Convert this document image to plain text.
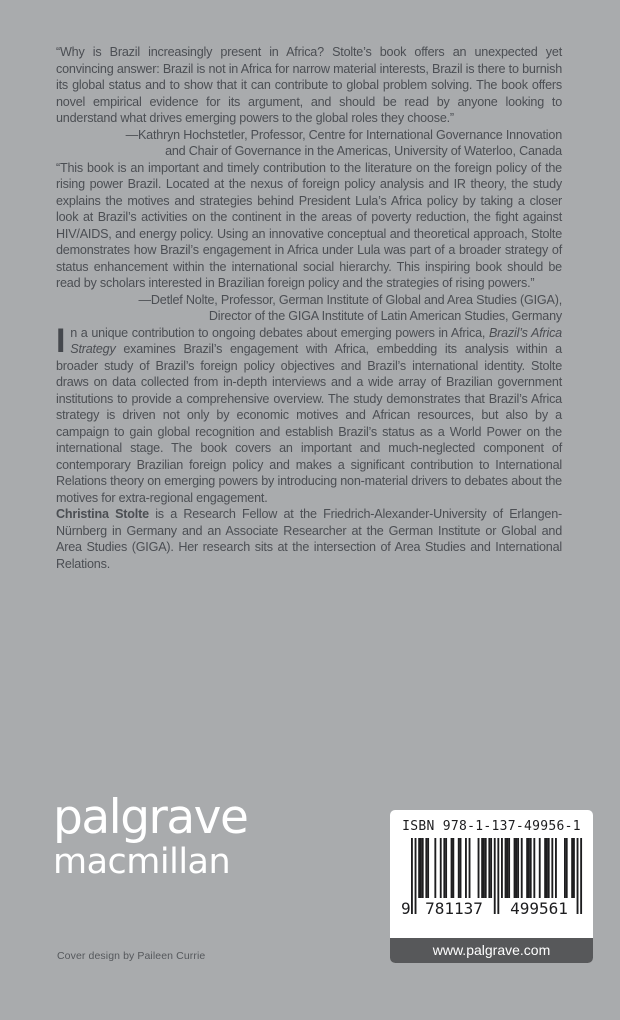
“Why is Brazil increasingly present in Africa? Stolte’s book offers an unexpected yet convincing answer: Brazil is not in Africa for narrow material interests, Brazil is there to burnish its global status and to show that it can contribute to global problem solving. The book offers novel empirical evidence for its argument, and should be read by anyone looking to understand what drives emerging powers to the global roles they choose.”

—Kathryn Hochstetler, Professor, Centre for International Governance Innovation
and Chair of Governance in the Americas, University of Waterloo, Canada

“This book is an important and timely contribution to the literature on the foreign policy of the rising power Brazil. Located at the nexus of foreign policy analysis and IR theory, the study explains the motives and strategies behind President Lula’s Africa policy by taking a closer look at Brazil’s activities on the continent in the areas of poverty reduction, the fight against HIV/AIDS, and energy policy. Using an innovative conceptual and theoretical approach, Stolte demonstrates how Brazil’s engagement in Africa under Lula was part of a broader strategy of status enhancement within the international social hierarchy. This inspiring book should be read by scholars interested in Brazilian foreign policy and the strategies of rising powers.”

—Detlef Nolte, Professor, German Institute of Global and Area Studies (GIGA),
Director of the GIGA Institute of Latin American Studies, Germany

In a unique contribution to ongoing debates about emerging powers in Africa, Brazil’s Africa Strategy examines Brazil’s engagement with Africa, embedding its analysis within a broader study of Brazil’s foreign policy objectives and Brazil’s international identity. Stolte draws on data collected from in-depth interviews and a wide array of Brazilian government institutions to provide a comprehensive overview. The study demonstrates that Brazil’s Africa strategy is driven not only by economic motives and African resources, but also by a campaign to gain global recognition and establish Brazil’s status as a World Power on the international stage. The book covers an important and much-neglected component of contemporary Brazilian foreign policy and makes a significant contribution to International Relations theory on emerging powers by introducing non-material drivers to debates about the motives for extra-regional engagement.

Christina Stolte is a Research Fellow at the Friedrich-Alexander-University of Erlangen-Nürnberg in Germany and an Associate Researcher at the German Institute or Global and Area Studies (GIGA). Her research sits at the intersection of Area Studies and International Relations.

palgrave
macmillan
ISBN 978-1-137-49956-1
9 781137 499561
www.palgrave.com
Cover design by Paileen Currie
